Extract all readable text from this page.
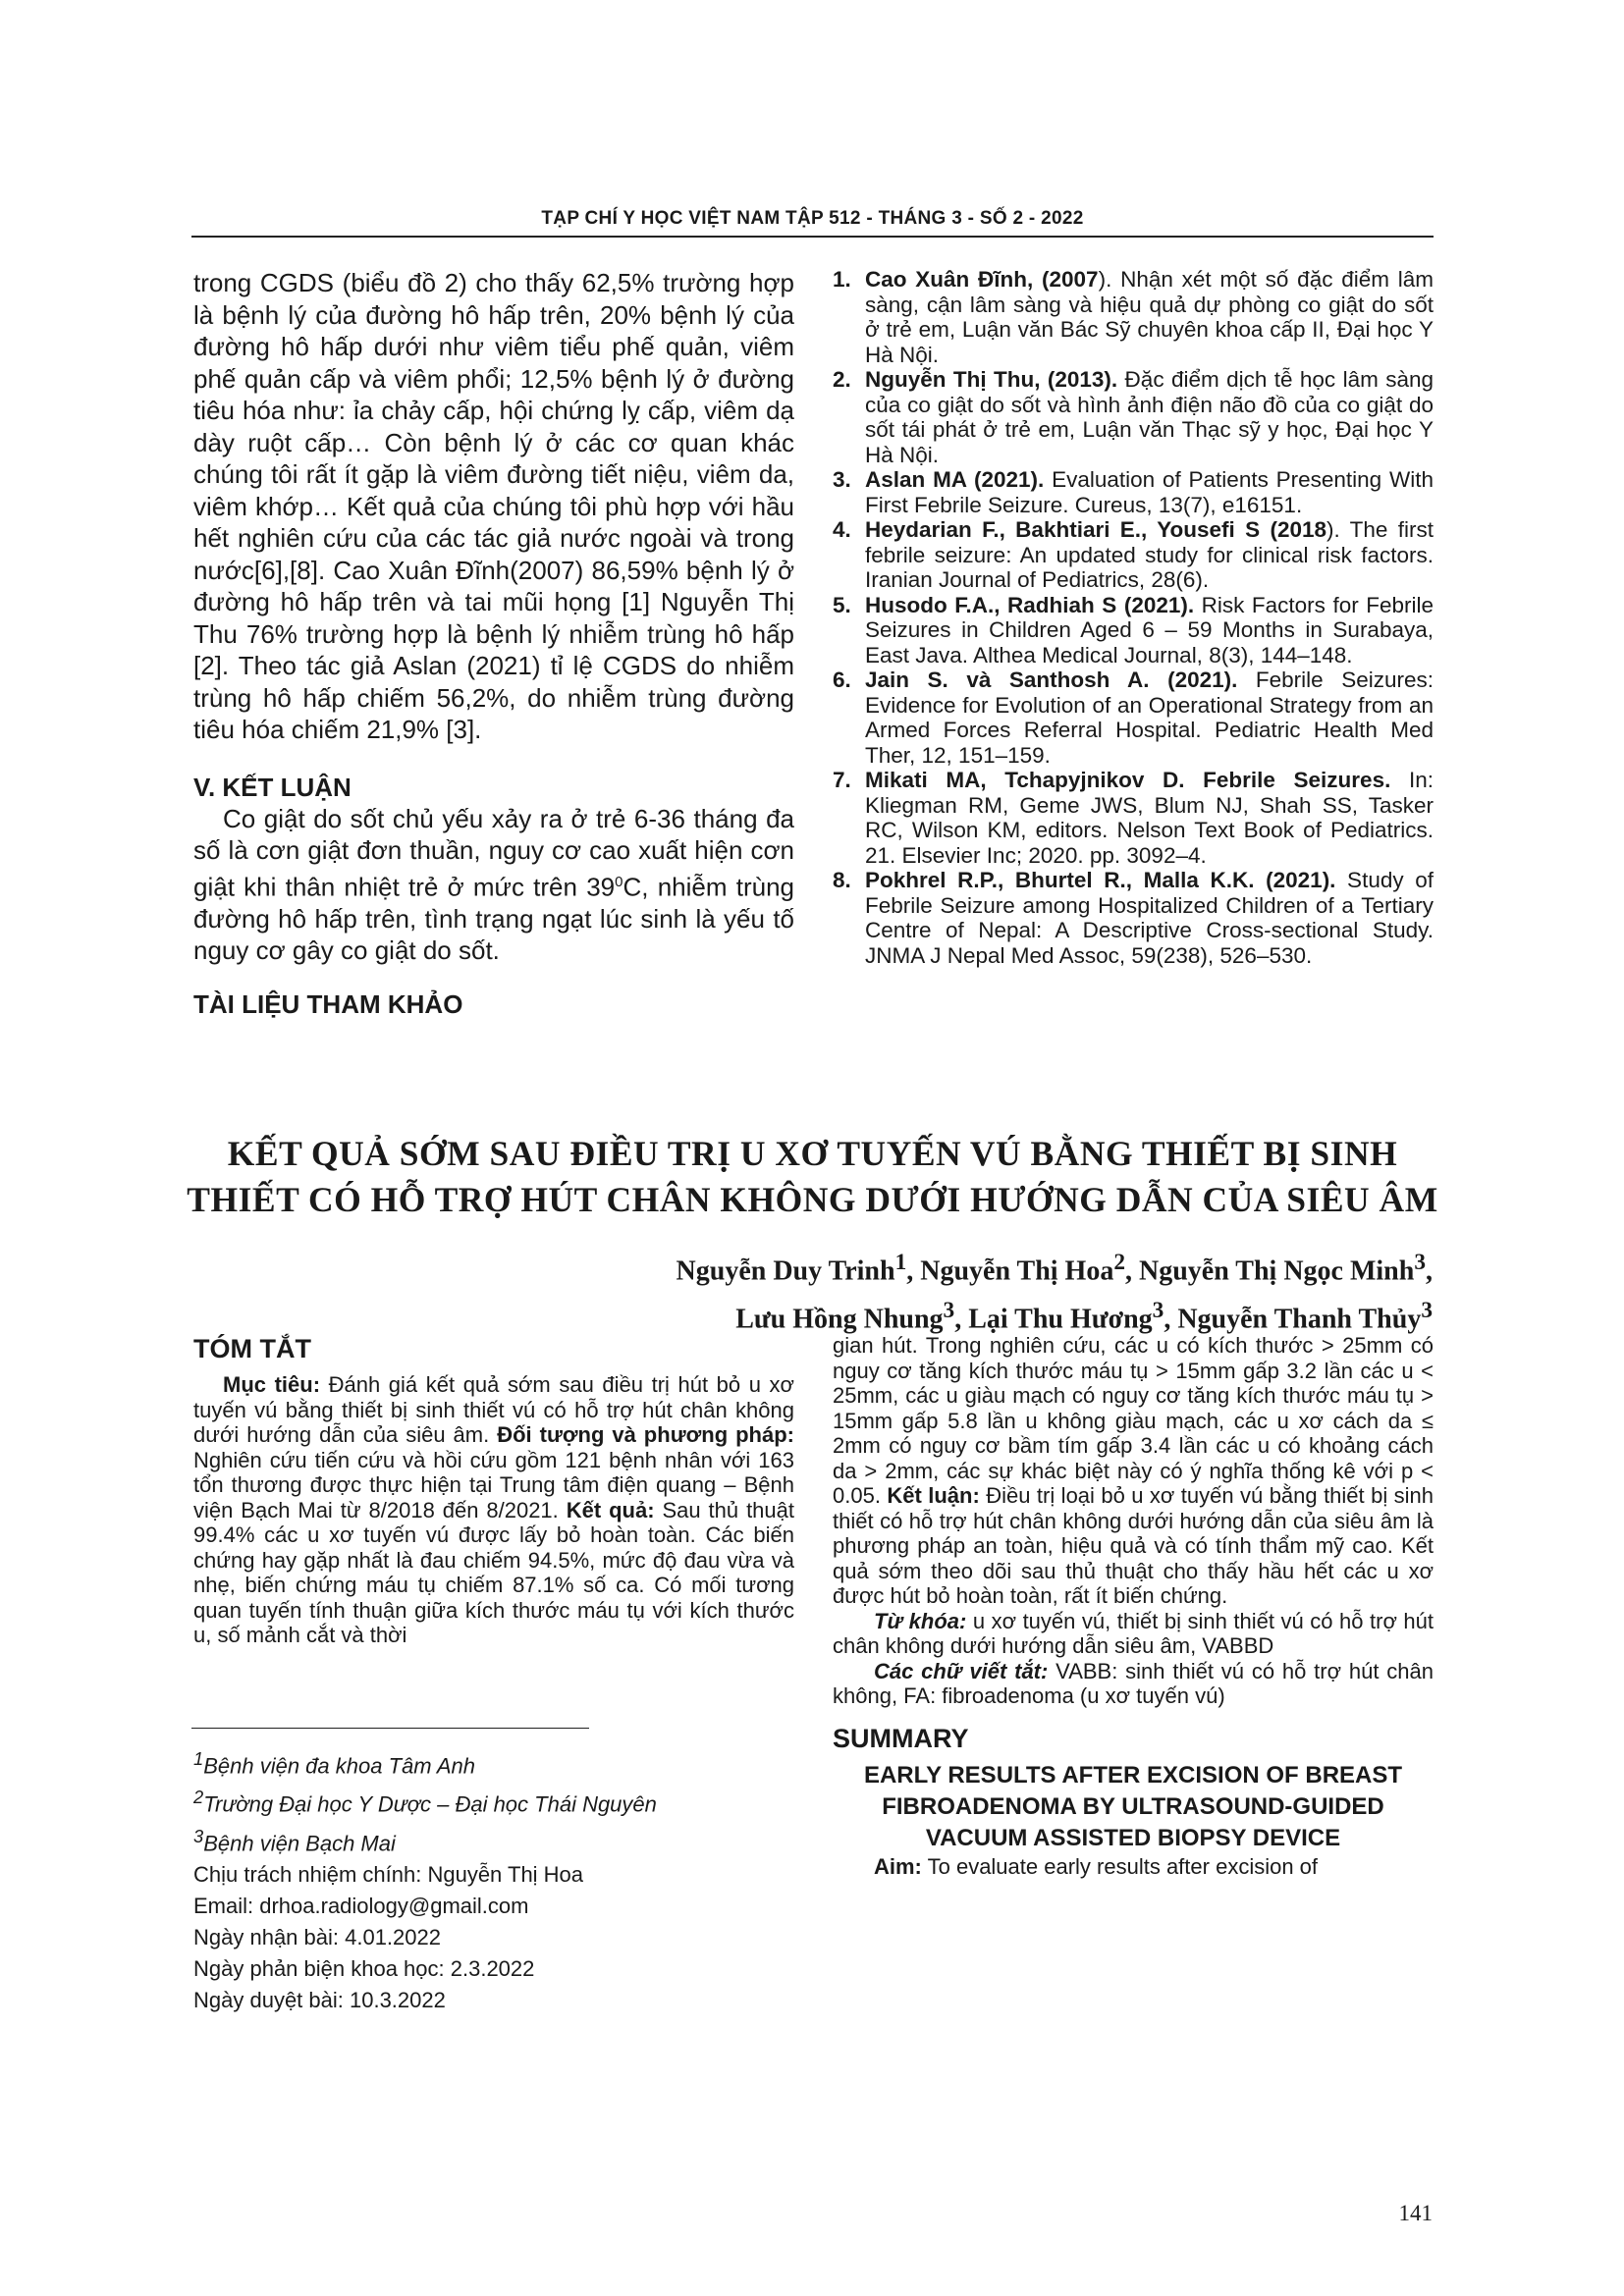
TẠP CHÍ Y HỌC VIỆT NAM TẬP 512 - THÁNG 3 - SỐ 2 - 2022

trong CGDS (biểu đồ 2) cho thấy 62,5% trường hợp là bệnh lý của đường hô hấp trên, 20% bệnh lý của đường hô hấp dưới như viêm tiểu phế quản, viêm phế quản cấp và viêm phổi; 12,5% bệnh lý ở đường tiêu hóa như: ỉa chảy cấp, hội chứng lỵ cấp, viêm dạ dày ruột cấp… Còn bệnh lý ở các cơ quan khác chúng tôi rất ít gặp là viêm đường tiết niệu, viêm da, viêm khớp… Kết quả của chúng tôi phù hợp với hầu hết nghiên cứu của các tác giả nước ngoài và trong nước[6],[8]. Cao Xuân Đĩnh(2007) 86,59% bệnh lý ở đường hô hấp trên và tai mũi họng [1] Nguyễn Thị Thu 76% trường hợp là bệnh lý nhiễm trùng hô hấp [2]. Theo tác giả Aslan (2021) tỉ lệ CGDS do nhiễm trùng hô hấp chiếm 56,2%, do nhiễm trùng đường tiêu hóa chiếm 21,9% [3].

V. KẾT LUẬN

Co giật do sốt chủ yếu xảy ra ở trẻ 6-36 tháng đa số là cơn giật đơn thuần, nguy cơ cao xuất hiện cơn giật khi thân nhiệt trẻ ở mức trên $39^0C$, nhiễm trùng đường hô hấp trên, tình trạng ngạt lúc sinh là yếu tố nguy cơ gây co giật do sốt.

TÀI LIỆU THAM KHẢO
1. Cao Xuân Đĩnh, (2007). Nhận xét một số đặc điểm lâm sàng, cận lâm sàng và hiệu quả dự phòng co giật do sốt ở trẻ em, Luận văn Bác Sỹ chuyên khoa cấp II, Đại học Y Hà Nội.
2. Nguyễn Thị Thu, (2013). Đặc điểm dịch tễ học lâm sàng của co giật do sốt và hình ảnh điện não đồ của co giật do sốt tái phát ở trẻ em, Luận văn Thạc sỹ y học, Đại học Y Hà Nội.
3. Aslan MA (2021). Evaluation of Patients Presenting With First Febrile Seizure. Cureus, 13(7), e16151.
4. Heydarian F., Bakhtiari E., Yousefi S (2018). The first febrile seizure: An updated study for clinical risk factors. Iranian Journal of Pediatrics, 28(6).
5. Husodo F.A., Radhiah S (2021). Risk Factors for Febrile Seizures in Children Aged 6 – 59 Months in Surabaya, East Java. Althea Medical Journal, 8(3), 144–148.
6. Jain S. và Santhosh A. (2021). Febrile Seizures: Evidence for Evolution of an Operational Strategy from an Armed Forces Referral Hospital. Pediatric Health Med Ther, 12, 151–159.
7. Mikati MA, Tchapyjnikov D. Febrile Seizures. In: Kliegman RM, Geme JWS, Blum NJ, Shah SS, Tasker RC, Wilson KM, editors. Nelson Text Book of Pediatrics. 21. Elsevier Inc; 2020. pp. 3092–4.
8. Pokhrel R.P., Bhurtel R., Malla K.K. (2021). Study of Febrile Seizure among Hospitalized Children of a Tertiary Centre of Nepal: A Descriptive Cross-sectional Study. JNMA J Nepal Med Assoc, 59(238), 526–530.
KẾT QUẢ SỚM SAU ĐIỀU TRỊ U XƠ TUYẾN VÚ BẰNG THIẾT BỊ SINH
THIẾT CÓ HỖ TRỢ HÚT CHÂN KHÔNG DƯỚI HƯỚNG DẪN CỦA SIÊU ÂM
Nguyễn Duy Trinh$^1$, Nguyễn Thị Hoa$^2$, Nguyễn Thị Ngọc Minh$^3$,
Lưu Hồng Nhung$^3$, Lại Thu Hương$^3$, Nguyễn Thanh Thủy$^3$
TÓM TẮT

Mục tiêu: Đánh giá kết quả sớm sau điều trị hút bỏ u xơ tuyến vú bằng thiết bị sinh thiết vú có hỗ trợ hút chân không dưới hướng dẫn của siêu âm. Đối tượng và phương pháp: Nghiên cứu tiến cứu và hồi cứu gồm 121 bệnh nhân với 163 tổn thương được thực hiện tại Trung tâm điện quang – Bệnh viện Bạch Mai từ 8/2018 đến 8/2021. Kết quả: Sau thủ thuật 99.4% các u xơ tuyến vú được lấy bỏ hoàn toàn. Các biến chứng hay gặp nhất là đau chiếm 94.5%, mức độ đau vừa và nhẹ, biến chứng máu tụ chiếm 87.1% số ca. Có mối tương quan tuyến tính thuận giữa kích thước máu tụ với kích thước u, số mảnh cắt và thời

$^1$Bệnh viện đa khoa Tâm Anh
$^2$Trường Đại học Y Dược – Đại học Thái Nguyên
$^3$Bệnh viện Bạch Mai
Chịu trách nhiệm chính: Nguyễn Thị Hoa
Email: drhoa.radiology@gmail.com
Ngày nhận bài: 4.01.2022
Ngày phản biện khoa học: 2.3.2022
Ngày duyệt bài: 10.3.2022

gian hút. Trong nghiên cứu, các u có kích thước > 25mm có nguy cơ tăng kích thước máu tụ > 15mm gấp 3.2 lần các u < 25mm, các u giàu mạch có nguy cơ tăng kích thước máu tụ > 15mm gấp 5.8 lần u không giàu mạch, các u xơ cách da ≤ 2mm có nguy cơ bầm tím gấp 3.4 lần các u có khoảng cách da > 2mm, các sự khác biệt này có ý nghĩa thống kê với p < 0.05. Kết luận: Điều trị loại bỏ u xơ tuyến vú bằng thiết bị sinh thiết có hỗ trợ hút chân không dưới hướng dẫn của siêu âm là phương pháp an toàn, hiệu quả và có tính thẩm mỹ cao. Kết quả sớm theo dõi sau thủ thuật cho thấy hầu hết các u xơ được hút bỏ hoàn toàn, rất ít biến chứng.

Từ khóa: u xơ tuyến vú, thiết bị sinh thiết vú có hỗ trợ hút chân không dưới hướng dẫn siêu âm, VABBD

Các chữ viết tắt: VABB: sinh thiết vú có hỗ trợ hút chân không, FA: fibroadenoma (u xơ tuyến vú)

SUMMARY
EARLY RESULTS AFTER EXCISION OF BREAST
FIBROADENOMA BY ULTRASOUND-GUIDED
VACUUM ASSISTED BIOPSY DEVICE

Aim: To evaluate early results after excision of

141
